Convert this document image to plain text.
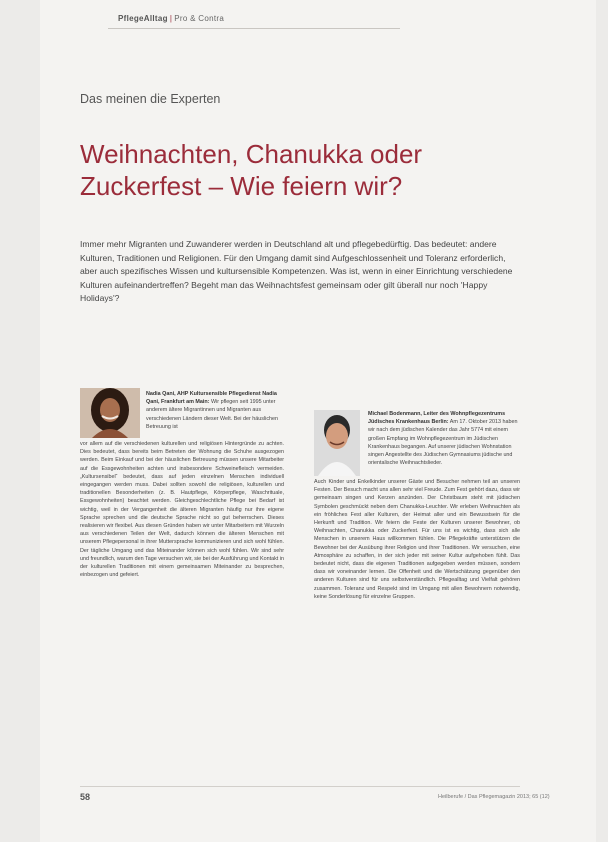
PflegeAlltag | Pro & Contra
Das meinen die Experten
Weihnachten, Chanukka oder
Zuckerfest – Wie feiern wir?

Immer mehr Migranten und Zuwanderer werden in Deutschland alt und pflegebedürftig. Das bedeutet: andere Kulturen, Traditionen und Religionen. Für den Umgang damit sind Aufgeschlossenheit und Toleranz erforderlich, aber auch spezifisches Wissen und kultursensible Kompetenzen. Was ist, wenn in einer Einrichtung verschiedene Kulturen aufeinandertreffen? Begeht man das Weihnachtsfest gemeinsam oder gilt überall nur noch 'Happy Holidays'?

Nadia Qani, AHP Kultursensible Pflegedienst Nadia Qani, Frankfurt am Main: Wir pflegen seit 1995 unter anderem ältere Migrantinnen und Migranten aus verschiedenen Ländern dieser Welt. Bei der häuslichen Betreuung ist

vor allem auf die verschiedenen kulturellen und religiösen Hintergründe zu achten. Dies bedeutet, dass bereits beim Betreten der Wohnung die Schuhe ausgezogen werden. Beim Einkauf und bei der häuslichen Betreuung müssen unsere Mitarbeiter auf die Essgewohnheiten achten und insbesondere Schweinefleisch vermeiden. „Kultursensibel“ bedeutet, dass auf jeden einzelnen Menschen individuell eingegangen werden muss. Dabei sollten sowohl die religiösen, kulturellen und traditionellen Besonderheiten (z. B. Hautpflege, Körperpflege, Waschrituale, Essgewohnheiten) beachtet werden. Gleichgeschlechtliche Pflege bei Bedarf ist wichtig, weil in der Vergangenheit die älteren Migranten häufig nur ihre eigene Sprache sprechen und die deutsche Sprache nicht so gut beherrschen. Dieses realisieren wir flexibel. Aus diesen Gründen haben wir unter Mitarbeitern mit Wurzeln aus verschiedenen Teilen der Welt, dadurch können die älteren Menschen mit unserem Pflegepersonal in ihrer Muttersprache kommunizieren und sich wohl fühlen. Der tägliche Umgang und das Miteinander können sich wohl fühlen. Wir sind sehr und freundlich, warum den Tage versuchen wir, sie bei der Ausführung und Kontakt in der kulturellen Traditionen mit einem gemeinsamen Miteinander zu besprechen, einbezogen und gefeiert.

Michael Bodenmann, Leiter des Wohnpflegezentrums Jüdisches Krankenhaus Berlin: Am 17. Oktober 2013 haben wir nach dem jüdischen Kalender das Jahr 5774 mit einem großen Empfang im Wohnpflegezentrum im Jüdischen Krankenhaus begangen. Auf unserer jüdischen Wohnstation singen Angestellte des Jüdischen Gymnasiums jüdische und orientalische Weihnachtslieder.

Auch Kinder und Enkelkinder unserer Gäste und Besucher nehmen teil an unseren Festen. Der Besuch macht uns allen sehr viel Freude. Zum Fest gehört dazu, dass wir gemeinsam singen und Kerzen anzünden. Der Christbaum steht mit jüdischen Symbolen geschmückt neben dem Chanukka-Leuchter. Wir erleben Weihnachten als ein fröhliches Fest aller Kulturen, der Heimat aller und ein Bewusstsein für die Herkunft und Tradition. Wir feiern die Feste der Kulturen unserer Bewohner, ob Weihnachten, Chanukka oder Zuckerfest. Für uns ist es wichtig, dass sich alle Menschen in unserem Haus willkommen fühlen. Die Pflegekräfte unterstützen die Bewohner bei der Ausübung ihrer Religion und ihrer Traditionen. Wir versuchen, eine Atmosphäre zu schaffen, in der sich jeder mit seiner Kultur aufgehoben fühlt. Das bedeutet nicht, dass die eigenen Traditionen aufgegeben werden müssen, sondern dass wir voneinander lernen. Die Offenheit und die Wertschätzung gegenüber den anderen Kulturen sind für uns selbstverständlich. Pflegealltag und Vielfalt gehören zusammen. Toleranz und Respekt sind im Umgang mit allen Bewohnern notwendig, keine Sonderlösung für einzelne Gruppen.

58	Heilberufe / Das Pflegemagazin 2013; 65 (12)
